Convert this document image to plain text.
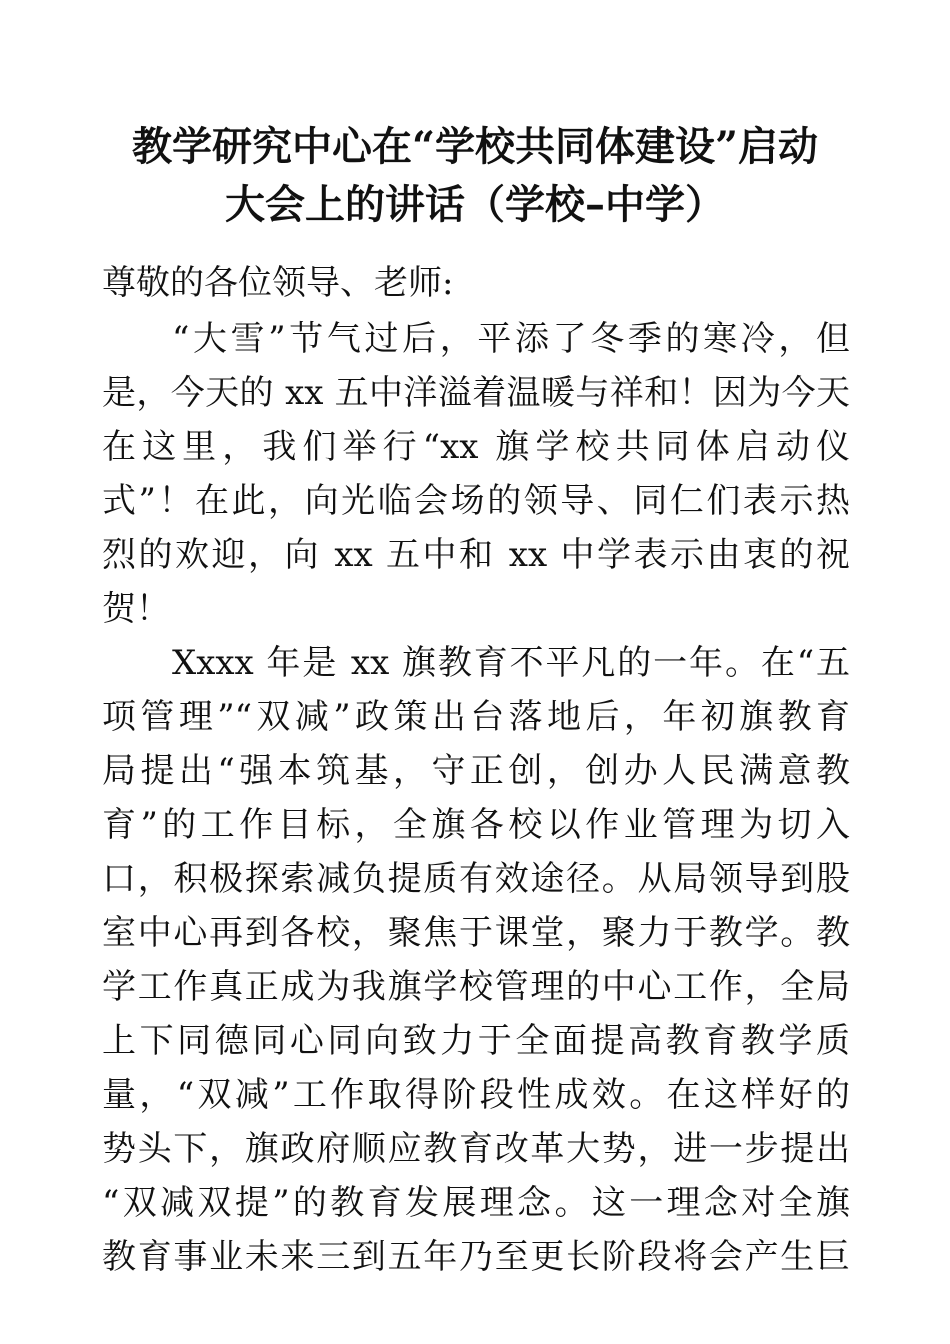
教学研究中心在“学校共同体建设”启动
大会上的讲话（学校–中学）
尊敬的各位领导、老师:
“大雪”节气过后，平添了冬季的寒冷，但
是，今天的 xx 五中洋溢着温暖与祥和！因为今天
在这里，我们举行“xx 旗学校共同体启动仪
式”！在此，向光临会场的领导、同仁们表示热
烈的欢迎，向 xx 五中和 xx 中学表示由衷的祝
贺！
Xxxx 年是 xx 旗教育不平凡的一年。在“五
项管理”“双减”政策出台落地后，年初旗教育
局提出“强本筑基，守正创，创办人民满意教
育”的工作目标，全旗各校以作业管理为切入
口，积极探索减负提质有效途径。从局领导到股
室中心再到各校，聚焦于课堂，聚力于教学。教
学工作真正成为我旗学校管理的中心工作，全局
上下同德同心同向致力于全面提高教育教学质
量，“双减”工作取得阶段性成效。在这样好的
势头下，旗政府顺应教育改革大势，进一步提出
“双减双提”的教育发展理念。这一理念对全旗
教育事业未来三到五年乃至更长阶段将会产生巨
